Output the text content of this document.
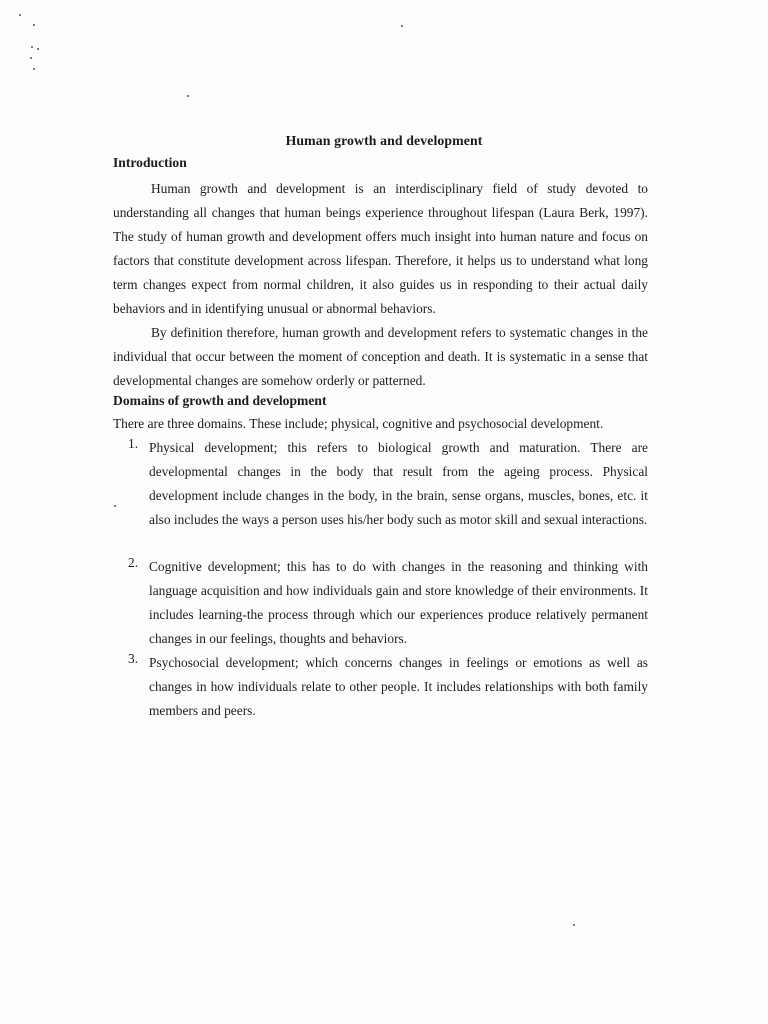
Human growth and development
Introduction

Human growth and development is an interdisciplinary field of study devoted to understanding all changes that human beings experience throughout lifespan (Laura Berk, 1997). The study of human growth and development offers much insight into human nature and focus on factors that constitute development across lifespan. Therefore, it helps us to understand what long term changes expect from normal children, it also guides us in responding to their actual daily behaviors and in identifying unusual or abnormal behaviors.

By definition therefore, human growth and development refers to systematic changes in the individual that occur between the moment of conception and death. It is systematic in a sense that developmental changes are somehow orderly or patterned.

Domains of growth and development
There are three domains. These include; physical, cognitive and psychosocial development.
1. Physical development; this refers to biological growth and maturation. There are developmental changes in the body that result from the ageing process. Physical development include changes in the body, in the brain, sense organs, muscles, bones, etc. it also includes the ways a person uses his/her body such as motor skill and sexual interactions.
2. Cognitive development; this has to do with changes in the reasoning and thinking with language acquisition and how individuals gain and store knowledge of their environments. It includes learning-the process through which our experiences produce relatively permanent changes in our feelings, thoughts and behaviors.
3. Psychosocial development; which concerns changes in feelings or emotions as well as changes in how individuals relate to other people. It includes relationships with both family members and peers.
